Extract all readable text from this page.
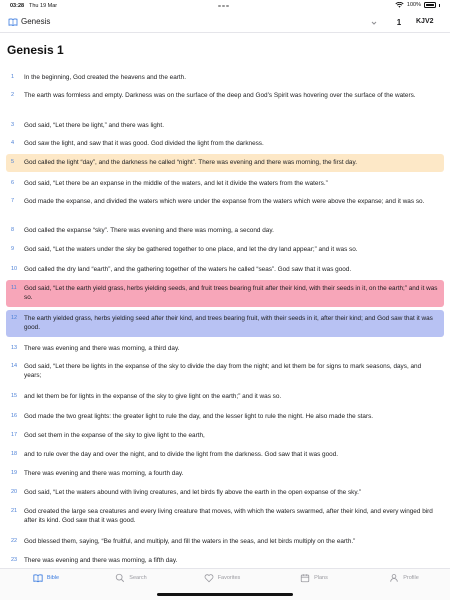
03:28 Thu 19 Mar	100%
Genesis	1	KJV2
Genesis 1
1 In the beginning, God created the heavens and the earth.
2 The earth was formless and empty. Darkness was on the surface of the deep and God’s Spirit was hovering over the surface of the waters.
3 God said, “Let there be light,” and there was light.
4 God saw the light, and saw that it was good. God divided the light from the darkness.
5 God called the light “day”, and the darkness he called “night”. There was evening and there was morning, the first day.
6 God said, “Let there be an expanse in the middle of the waters, and let it divide the waters from the waters.”
7 God made the expanse, and divided the waters which were under the expanse from the waters which were above the expanse; and it was so.
8 God called the expanse “sky”. There was evening and there was morning, a second day.
9 God said, “Let the waters under the sky be gathered together to one place, and let the dry land appear;” and it was so.
10 God called the dry land “earth”, and the gathering together of the waters he called “seas”. God saw that it was good.
11 God said, “Let the earth yield grass, herbs yielding seeds, and fruit trees bearing fruit after their kind, with their seeds in it, on the earth;” and it was so.
12 The earth yielded grass, herbs yielding seed after their kind, and trees bearing fruit, with their seeds in it, after their kind; and God saw that it was good.
13 There was evening and there was morning, a third day.
14 God said, “Let there be lights in the expanse of the sky to divide the day from the night; and let them be for signs to mark seasons, days, and years;
15 and let them be for lights in the expanse of the sky to give light on the earth;” and it was so.
16 God made the two great lights: the greater light to rule the day, and the lesser light to rule the night. He also made the stars.
17 God set them in the expanse of the sky to give light to the earth,
18 and to rule over the day and over the night, and to divide the light from the darkness. God saw that it was good.
19 There was evening and there was morning, a fourth day.
20 God said, “Let the waters abound with living creatures, and let birds fly above the earth in the open expanse of the sky.”
21 God created the large sea creatures and every living creature that moves, with which the waters swarmed, after their kind, and every winged bird after its kind. God saw that it was good.
22 God blessed them, saying, “Be fruitful, and multiply, and fill the waters in the seas, and let birds multiply on the earth.”
23 There was evening and there was morning, a fifth day.
Bible	Search	Favorites	Plans	Profile
